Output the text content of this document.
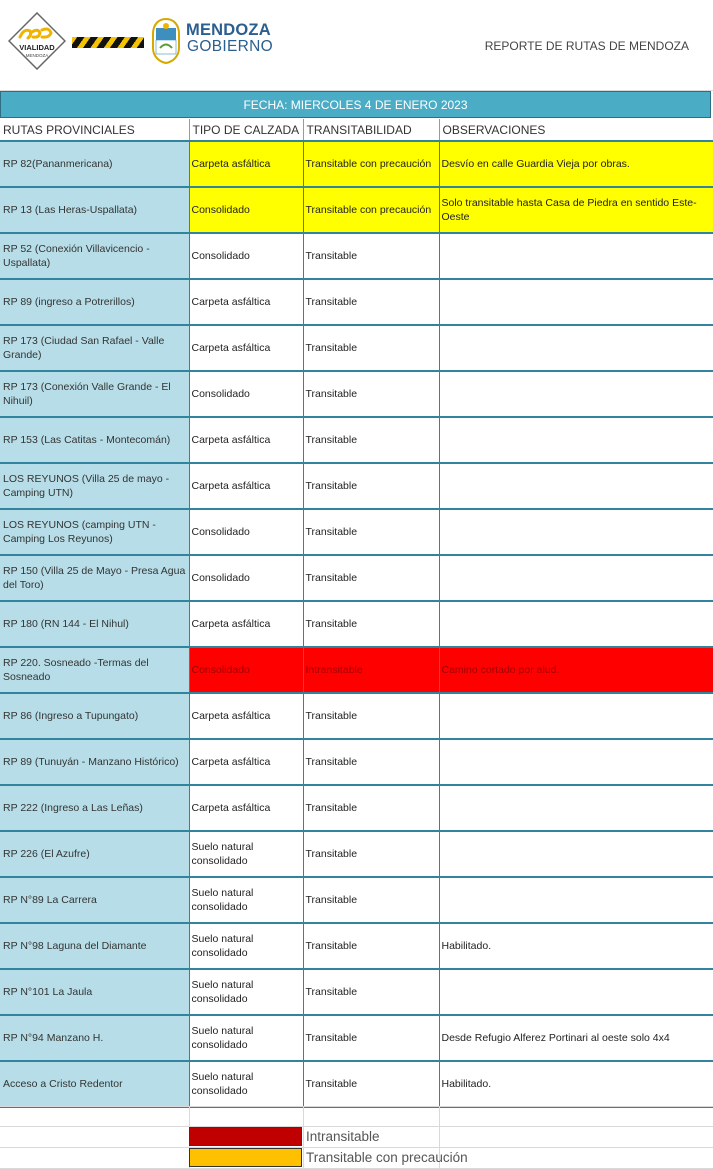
VIALIDAD
MENDOZA
MENDOZA
GOBIERNO	REPORTE DE RUTAS DE MENDOZA
FECHA: MIERCOLES 4 DE ENERO 2023
RUTAS PROVINCIALES	TIPO DE CALZADA	TRANSITABILIDAD	OBSERVACIONES
RP 82(Pananmericana)	Carpeta asfáltica	Transitable con precaución	Desvío en calle Guardia Vieja por obras.
RP 13 (Las Heras-Uspallata)	Consolidado	Transitable con precaución	Solo transitable hasta Casa de Piedra en sentido Este-Oeste
RP 52 (Conexión Villavicencio - Uspallata)	Consolidado	Transitable	
RP 89 (ingreso a Potrerillos)	Carpeta asfáltica	Transitable	
RP 173 (Ciudad San Rafael - Valle Grande)	Carpeta asfáltica	Transitable	
RP 173 (Conexión Valle Grande - El Nihuil)	Consolidado	Transitable	
RP 153 (Las Catitas - Montecomán)	Carpeta asfáltica	Transitable	
LOS REYUNOS (Villa 25 de mayo - Camping UTN)	Carpeta asfáltica	Transitable	
LOS REYUNOS (camping UTN - Camping Los Reyunos)	Consolidado	Transitable	
RP 150 (Villa 25 de Mayo - Presa Agua del Toro)	Consolidado	Transitable	
RP 180 (RN 144 - El Nihul)	Carpeta asfáltica	Transitable	
RP 220. Sosneado -Termas del Sosneado	Consolidado	Intransitable	Camino cortado por alud.
RP 86 (Ingreso a Tupungato)	Carpeta asfáltica	Transitable	
RP 89 (Tunuyán - Manzano Histórico)	Carpeta asfáltica	Transitable	
RP 222 (Ingreso a Las Leñas)	Carpeta asfáltica	Transitable	
RP 226 (El Azufre)	Suelo natural consolidado	Transitable	
RP N°89 La Carrera	Suelo natural consolidado	Transitable	
RP N°98 Laguna del Diamante	Suelo natural consolidado	Transitable	Habilitado.
RP N°101 La Jaula	Suelo natural consolidado	Transitable	
RP N°94 Manzano H.	Suelo natural consolidado	Transitable	Desde Refugio Alferez Portinari al oeste solo 4x4
Acceso a Cristo Redentor	Suelo natural consolidado	Transitable	Habilitado.
Intransitable
Transitable con precaución
